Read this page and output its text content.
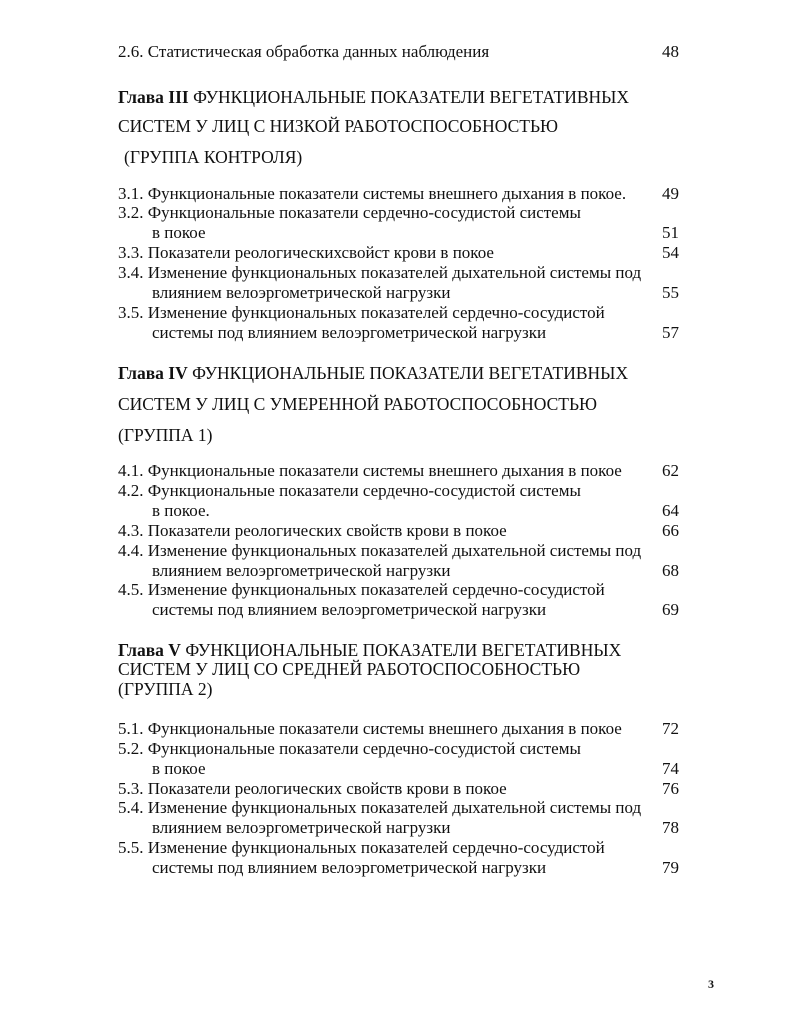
2.6. Статистическая обработка данных наблюдения	48
Глава III ФУНКЦИОНАЛЬНЫЕ ПОКАЗАТЕЛИ ВЕГЕТАТИВНЫХ
СИСТЕМ У ЛИЦ С НИЗКОЙ РАБОТОСПОСОБНОСТЬЮ
(ГРУППА КОНТРОЛЯ)
3.1. Функциональные показатели системы внешнего дыхания в покое. 49
3.2. Функциональные показатели сердечно-сосудистой системы
в покое	51
3.3. Показатели реологическихсвойст крови в покое	54
3.4. Изменение функциональных показателей дыхательной системы под
влиянием велоэргометрической нагрузки	55
3.5. Изменение функциональных показателей сердечно-сосудистой
системы под влиянием велоэргометрической нагрузки	57
Глава IV ФУНКЦИОНАЛЬНЫЕ ПОКАЗАТЕЛИ ВЕГЕТАТИВНЫХ
СИСТЕМ У ЛИЦ С УМЕРЕННОЙ РАБОТОСПОСОБНОСТЬЮ
(ГРУППА 1)
4.1. Функциональные показатели системы внешнего дыхания в покое 62
4.2. Функциональные показатели сердечно-сосудистой системы
в покое.	64
4.3. Показатели реологических свойств крови в покое	66
4.4. Изменение функциональных показателей дыхательной системы под
влиянием велоэргометрической нагрузки	68
4.5. Изменение функциональных показателей сердечно-сосудистой
системы под влиянием велоэргометрической нагрузки	69
Глава V ФУНКЦИОНАЛЬНЫЕ ПОКАЗАТЕЛИ ВЕГЕТАТИВНЫХ
СИСТЕМ У ЛИЦ СО СРЕДНЕЙ РАБОТОСПОСОБНОСТЬЮ
(ГРУППА 2)
5.1. Функциональные показатели системы внешнего дыхания в покое 72
5.2. Функциональные показатели сердечно-сосудистой системы
в покое	74
5.3. Показатели реологических свойств крови в покое	76
5.4. Изменение функциональных показателей дыхательной системы под
влиянием велоэргометрической нагрузки	78
5.5. Изменение функциональных показателей сердечно-сосудистой
системы под влиянием велоэргометрической нагрузки	79
3
